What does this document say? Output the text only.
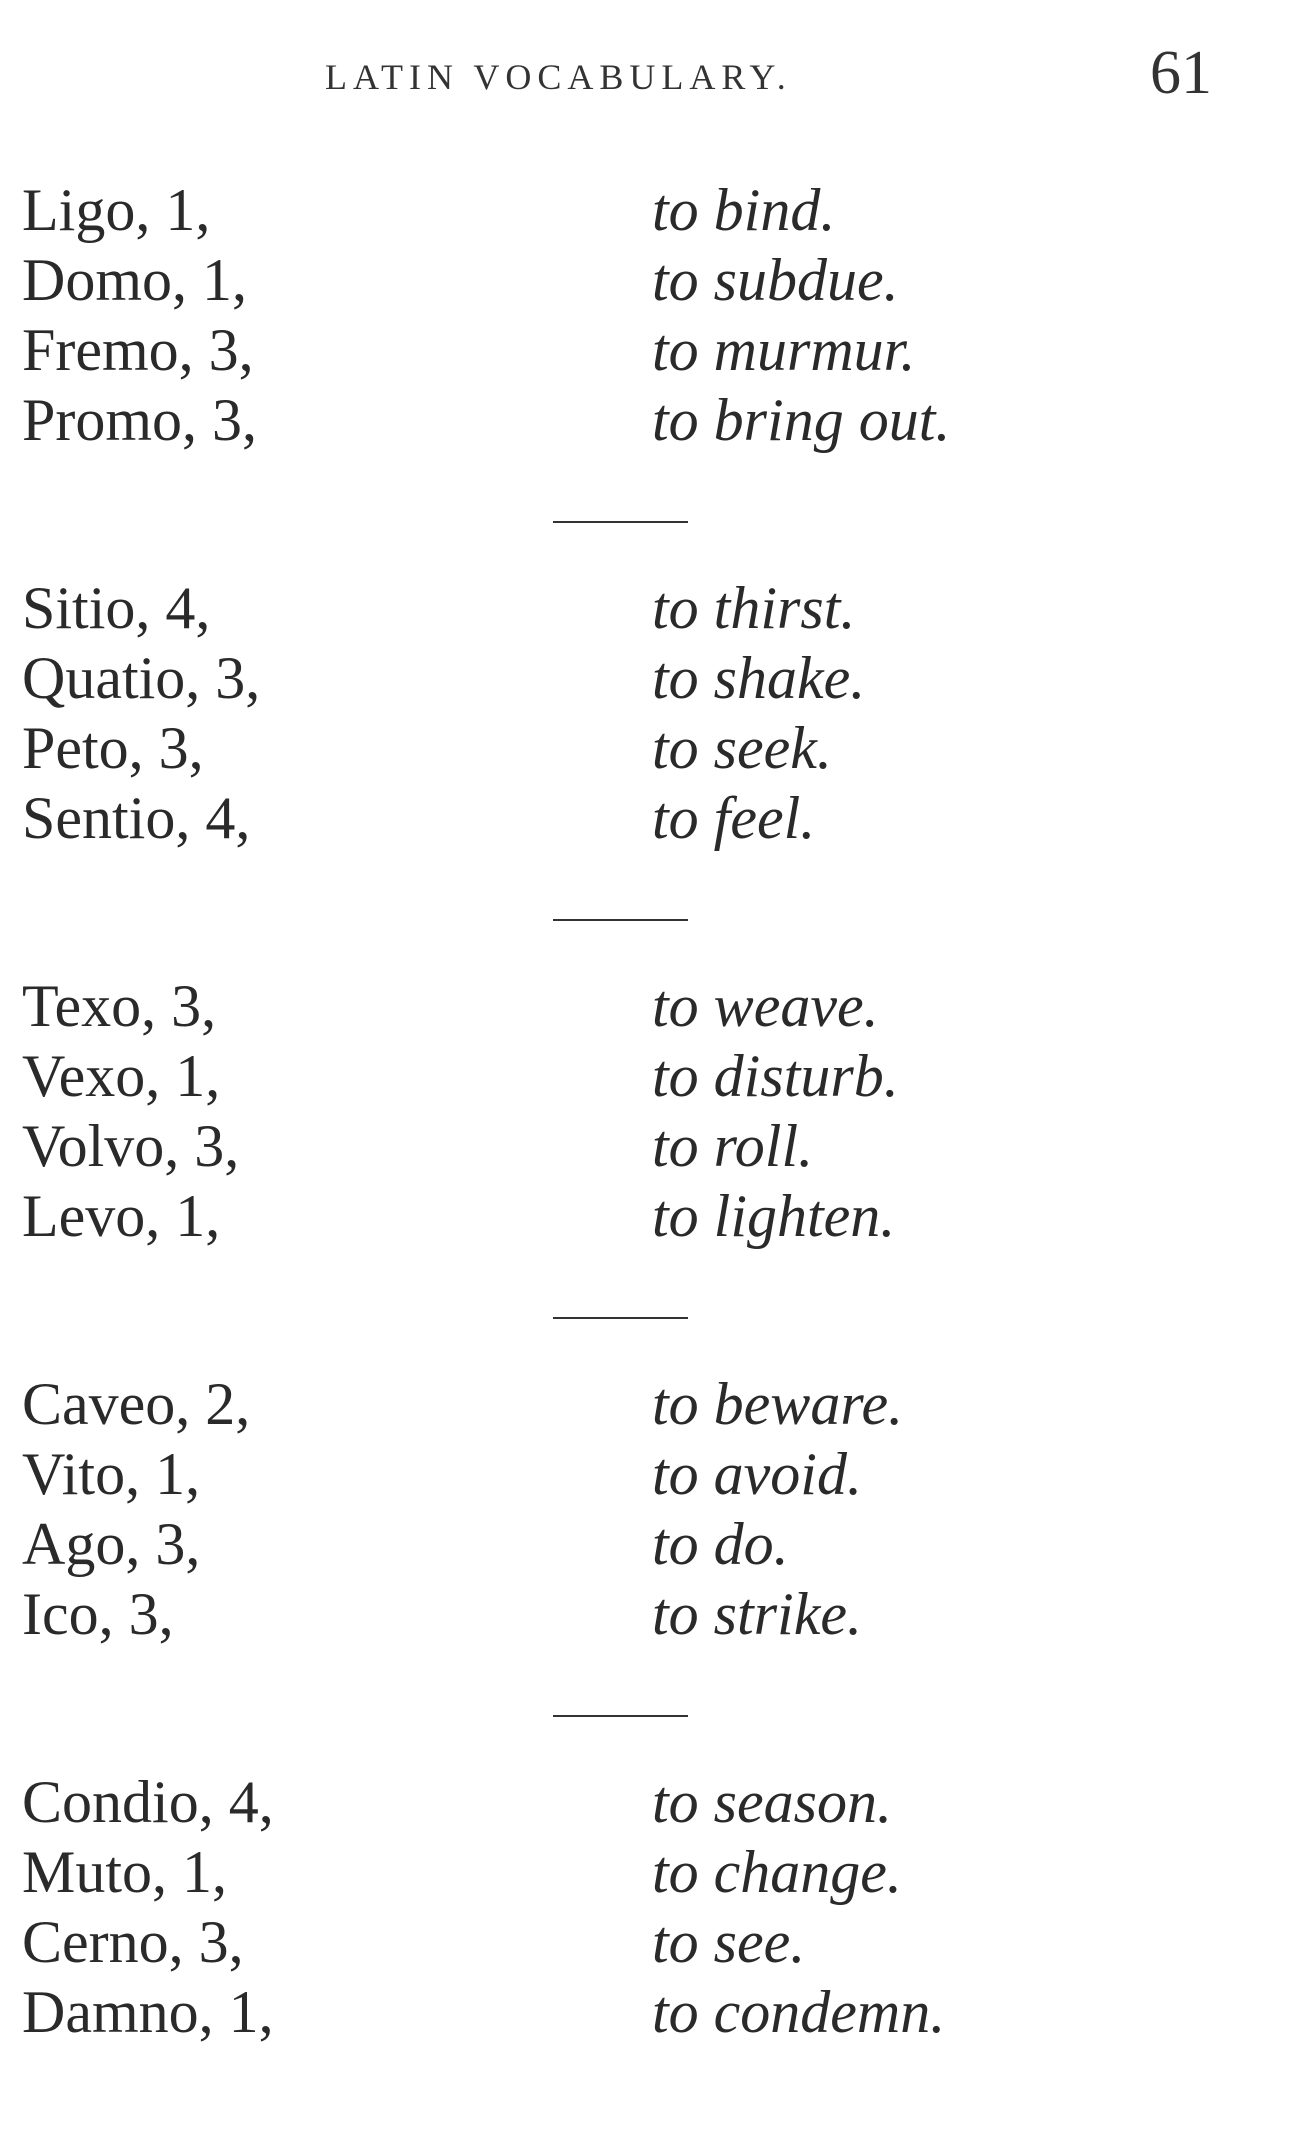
LATIN VOCABULARY.	61
Ligo, 1,	to bind.
Domo, 1,	to subdue.
Fremo, 3,	to murmur.
Promo, 3,	to bring out.
Sitio, 4,	to thirst.
Quatio, 3,	to shake.
Peto, 3,	to seek.
Sentio, 4,	to feel.
Texo, 3,	to weave.
Vexo, 1,	to disturb.
Volvo, 3,	to roll.
Levo, 1,	to lighten.
Caveo, 2,	to beware.
Vito, 1,	to avoid.
Ago, 3,	to do.
Ico, 3,	to strike.
Condio, 4,	to season.
Muto, 1,	to change.
Cerno, 3,	to see.
Damno, 1,	to condemn.
